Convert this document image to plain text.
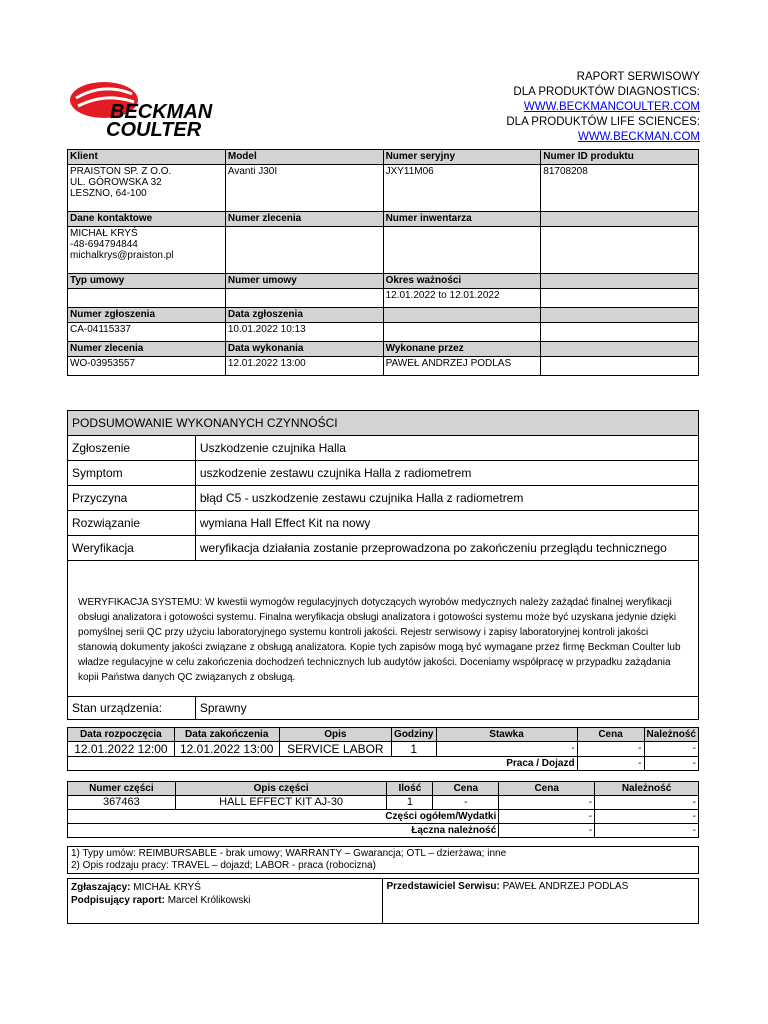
BECKMAN
COULTER
RAPORT SERWISOWY
DLA PRODUKTÓW DIAGNOSTICS:
WWW.BECKMANCOULTER.COM
DLA PRODUKTÓW LIFE SCIENCES:
WWW.BECKMAN.COM
Klient	Model	Numer seryjny	Numer ID produktu

PRAISTON SP. Z O.O.
UL. GÓROWSKA 32
LESZNO, 64-100	Avanti J30I	JXY11M06	81708208
Dane kontaktowe	Numer zlecenia	Numer inwentarza	

MICHAŁ KRYŚ
-48-694794844
michalkrys@praiston.pl			

Typ umowy	Numer umowy	Okres ważności	
		12.01.2022 to 12.01.2022	
Numer zgłoszenia	Data zgłoszenia		
CA-04115337	10.01.2022 10:13		
Numer zlecenia	Data wykonania	Wykonane przez	
WO-03953557	12.01.2022 13:00	PAWEŁ ANDRZEJ PODLAS	
PODSUMOWANIE WYKONANYCH CZYNNOŚCI	
Zgłoszenie	Uszkodzenie czujnika Halla
Symptom	uszkodzenie zestawu czujnika Halla z radiometrem
Przyczyna	błąd C5 - uszkodzenie zestawu czujnika Halla z radiometrem
Rozwiązanie	wymiana Hall Effect Kit na nowy
Weryfikacja	weryfikacja działania zostanie przeprowadzona po zakończeniu przeglądu technicznego
WERYFIKACJA SYSTEMU: W kwestii wymogów regulacyjnych dotyczących wyrobów medycznych należy zażądać finalnej weryfikacji obsługi analizatora i gotowości systemu. Finalna weryfikacja obsługi analizatora i gotowości systemu może być uzyskana jedynie dzięki pomyślnej serii QC przy użyciu laboratoryjnego systemu kontroli jakości. Rejestr serwisowy i zapisy laboratoryjnej kontroli jakości stanowią dokumenty jakości związane z obsługą analizatora. Kopie tych zapisów mogą być wymagane przez firmę Beckman Coulter lub władze regulacyjne w celu zakończenia dochodzeń technicznych lub audytów jakości. Doceniamy współpracę w przypadku zażądania kopii Państwa danych QC związanych z obsługą.	
Stan urządzenia:	Sprawny
Data rozpoczęcia	Data zakończenia	Opis	Godziny	Stawka	Cena	Należność
12.01.2022 12:00	12.01.2022 13:00	SERVICE LABOR	1	-	-	-
Praca / Dojazd					-	-
Numer części	Opis części	Ilość	Cena	Cena	Należność
367463	HALL EFFECT KIT AJ-30	1	-	-	-
Części ogółem/Wydatki				-	-
Łączna należność				-	-
1) Typy umów: REIMBURSABLE - brak umowy; WARRANTY – Gwarancja; OTL – dzierżawa; inne
2) Opis rodzaju pracy: TRAVEL – dojazd; LABOR - praca (robocizna)
Zgłaszający: MICHAŁ KRYŚ
Podpisujący raport: Marcel Królikowski
	Przedstawiciel Serwisu: PAWEŁ ANDRZEJ PODLAS
